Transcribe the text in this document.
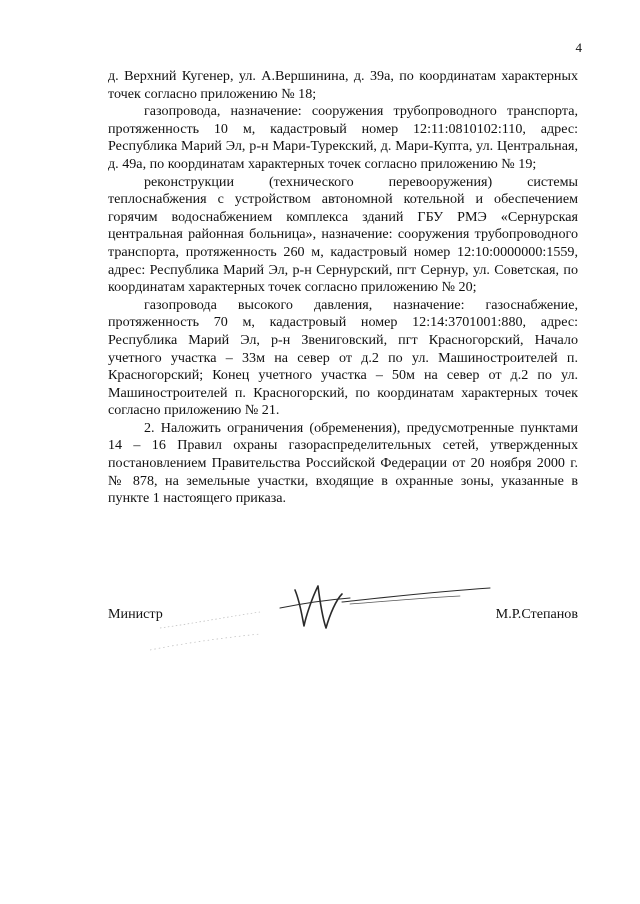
4

д. Верхний Кугенер, ул. А.Вершинина, д. 39а, по координатам характерных точек согласно приложению № 18;

газопровода, назначение: сооружения трубопроводного транспорта, протяженность 10 м, кадастровый номер 12:11:0810102:110, адрес: Республика Марий Эл, р-н Мари-Турекский, д. Мари-Купта, ул. Центральная, д. 49а, по координатам характерных точек согласно приложению № 19;

реконструкции (технического перевооружения) системы теплоснабжения с устройством автономной котельной и обеспечением горячим водоснабжением комплекса зданий ГБУ РМЭ «Сернурская центральная районная больница», назначение: сооружения трубопроводного транспорта, протяженность 260 м, кадастровый номер 12:10:0000000:1559, адрес: Республика Марий Эл, р-н Сернурский, пгт Сернур, ул. Советская, по координатам характерных точек согласно приложению № 20;

газопровода высокого давления, назначение: газоснабжение, протяженность 70 м, кадастровый номер 12:14:3701001:880, адрес: Республика Марий Эл, р-н Звениговский, пгт Красногорский, Начало учетного участка – 33м на север от д.2 по ул. Машиностроителей п. Красногорский; Конец учетного участка – 50м на север от д.2 по ул. Машиностроителей п. Красногорский, по координатам характерных точек согласно приложению № 21.

2. Наложить ограничения (обременения), предусмотренные пунктами 14 – 16 Правил охраны газораспределительных сетей, утвержденных постановлением Правительства Российской Федерации от 20 ноября 2000 г. № 878, на земельные участки, входящие в охранные зоны, указанные в пункте 1 настоящего приказа.

Министр	М.Р.Степанов
